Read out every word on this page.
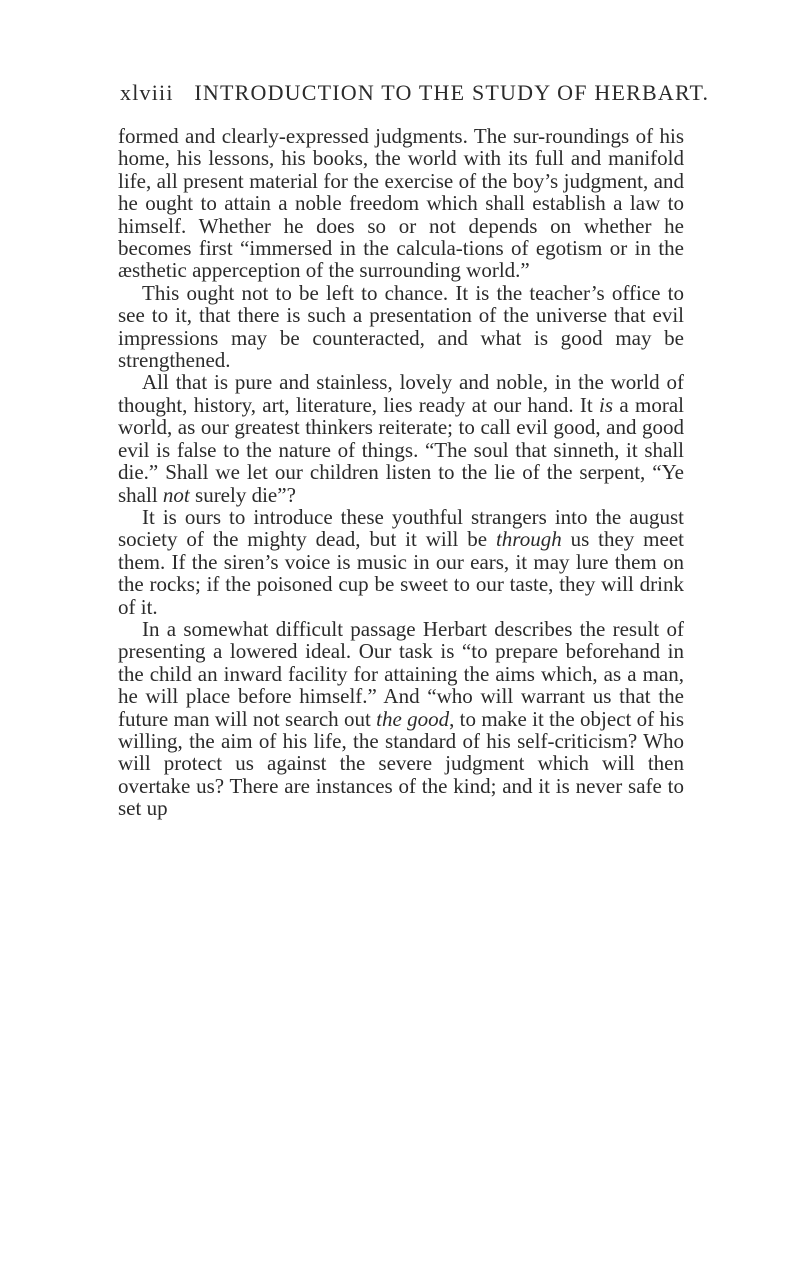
xlviii INTRODUCTION TO THE STUDY OF HERBART.

formed and clearly-expressed judgments. The sur-roundings of his home, his lessons, his books, the world with its full and manifold life, all present material for the exercise of the boy’s judgment, and he ought to attain a noble freedom which shall establish a law to himself. Whether he does so or not depends on whether he becomes first “immersed in the calcula-tions of egotism or in the æsthetic apperception of the surrounding world.”

This ought not to be left to chance. It is the teacher’s office to see to it, that there is such a presentation of the universe that evil impressions may be counteracted, and what is good may be strengthened.

All that is pure and stainless, lovely and noble, in the world of thought, history, art, literature, lies ready at our hand. It is a moral world, as our greatest thinkers reiterate; to call evil good, and good evil is false to the nature of things. “The soul that sinneth, it shall die.” Shall we let our children listen to the lie of the serpent, “Ye shall not surely die”?

It is ours to introduce these youthful strangers into the august society of the mighty dead, but it will be through us they meet them. If the siren’s voice is music in our ears, it may lure them on the rocks; if the poisoned cup be sweet to our taste, they will drink of it.

In a somewhat difficult passage Herbart describes the result of presenting a lowered ideal. Our task is “to prepare beforehand in the child an inward facility for attaining the aims which, as a man, he will place before himself.” And “who will warrant us that the future man will not search out the good, to make it the object of his willing, the aim of his life, the standard of his self-criticism? Who will protect us against the severe judgment which will then overtake us? There are instances of the kind; and it is never safe to set up
